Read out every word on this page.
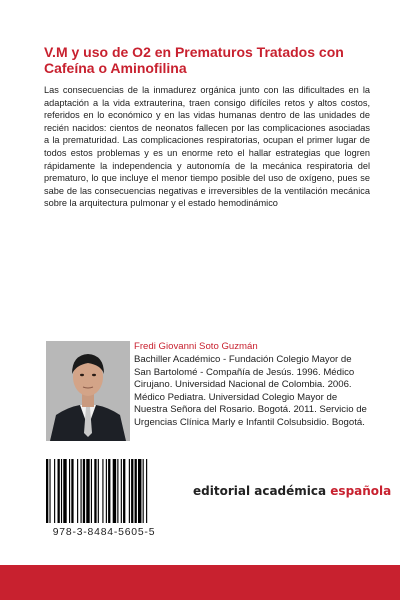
V.M y uso de O2 en Prematuros Tratados con Cafeína o Aminofilina

Las consecuencias de la inmadurez orgánica junto con las dificultades en la adaptación a la vida extrauterina, traen consigo difíciles retos y altos costos, referidos en lo económico y en las vidas humanas dentro de las unidades de recién nacidos: cientos de neonatos fallecen por las complicaciones asociadas a la prematuridad. Las complicaciones respiratorias, ocupan el primer lugar de todos estos problemas y es un enorme reto el hallar estrategias que logren rápidamente la independencia y autonomía de la mecánica respiratoria del prematuro, lo que incluye el menor tiempo posible del uso de oxígeno, pues se sabe de las consecuencias negativas e irreversibles de la ventilación mecánica sobre la arquitectura pulmonar y el estado hemodinámico

Fredi Giovanni Soto Guzmán

Bachiller Académico - Fundación Colegio Mayor de San Bartolomé - Compañía de Jesús. 1996. Médico Cirujano. Universidad Nacional de Colombia. 2006. Médico Pediatra. Universidad Colegio Mayor de Nuestra Señora del Rosario. Bogotá. 2011. Servicio de Urgencias Clínica Marly e Infantil Colsubsidio. Bogotá.

978-3-8484-5605-5

editorial académica española
